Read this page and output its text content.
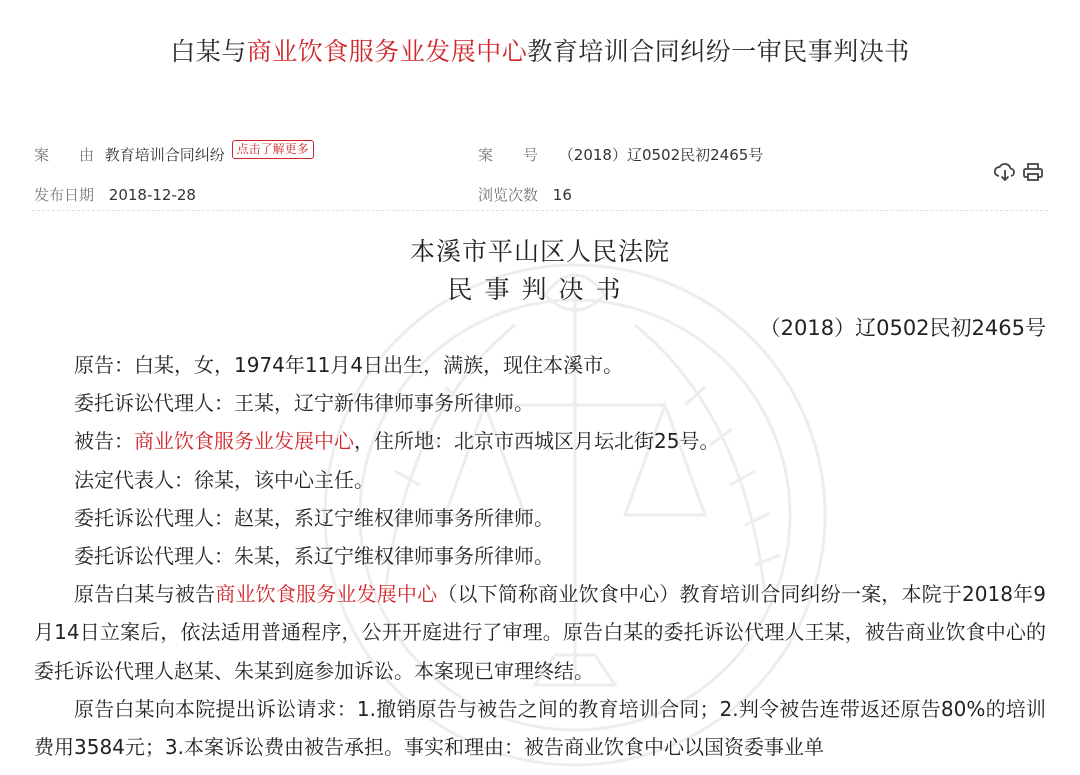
白某与商业饮食服务业发展中心教育培训合同纠纷一审民事判决书
案　　由 教育培训合同纠纷 点击了解更多	案　　号 （2018）辽0502民初2465号
发布日期 2018-12-28	浏览次数 16
本溪市平山区人民法院
民事判决书
（2018）辽0502民初2465号

原告：白某，女，1974年11月4日出生，满族，现住本溪市。

委托诉讼代理人：王某，辽宁新伟律师事务所律师。

被告：商业饮食服务业发展中心，住所地：北京市西城区月坛北街25号。

法定代表人：徐某，该中心主任。

委托诉讼代理人：赵某，系辽宁维权律师事务所律师。

委托诉讼代理人：朱某，系辽宁维权律师事务所律师。

原告白某与被告商业饮食服务业发展中心（以下简称商业饮食中心）教育培训合同纠纷一案，本院于2018年9月14日立案后，依法适用普通程序，公开开庭进行了审理。原告白某的委托诉讼代理人王某，被告商业饮食中心的委托诉讼代理人赵某、朱某到庭参加诉讼。本案现已审理终结。

原告白某向本院提出诉讼请求：1.撤销原告与被告之间的教育培训合同；2.判令被告连带返还原告80%的培训费用3584元；3.本案诉讼费由被告承担。事实和理由：被告商业饮食中心以国资委事业单
